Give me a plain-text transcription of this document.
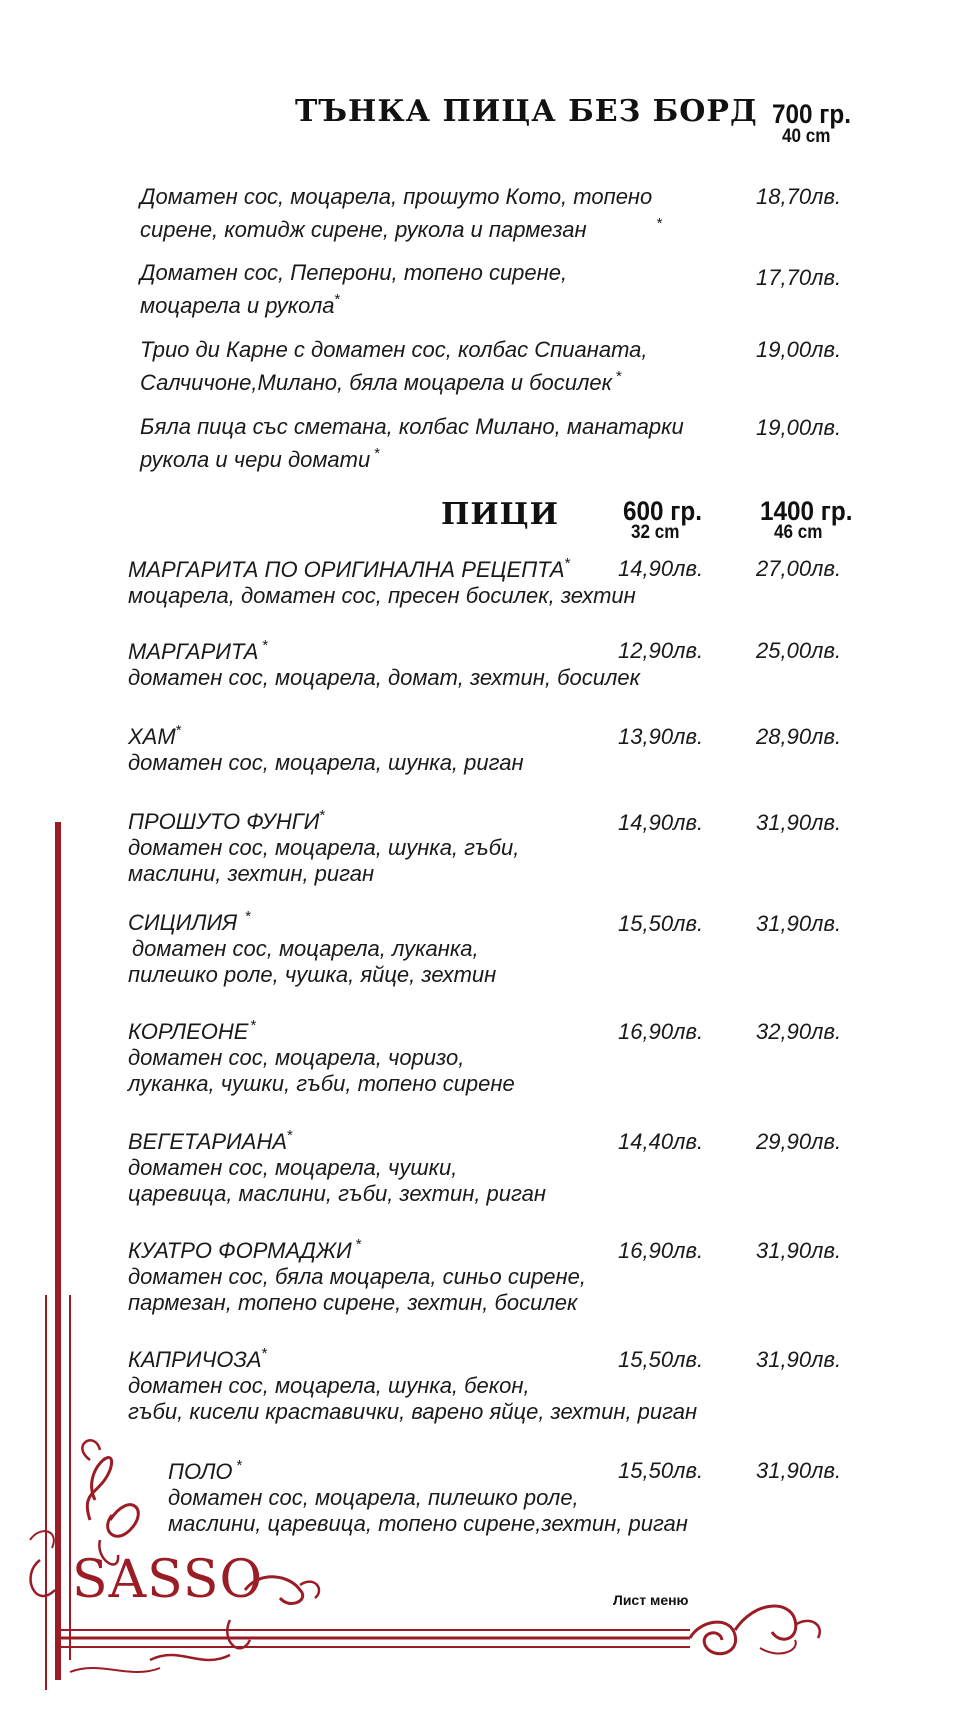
ТЪНКА ПИЦА БЕЗ БОРД 700 гр.
40 cm
Доматен сос, моцарела, прошуто Кото, топено
сирене, котидж сирене, рукола и пармезан	*
18,70лв.
Доматен сос, Пеперони, топено сирене,
моцарела и рукола*
17,70лв.
Трио ди Карне с доматен сос, колбас Спианата,
Салчичоне,Милано, бяла моцарела и босилек *
19,00лв.
Бяла пица със сметана, колбас Милано, манатарки
рукола и чери домати *
19,00лв.
ПИЦИ 600 гр.
32 cm
1400 гр.
46 cm
МАРГАРИТА ПО ОРИГИНАЛНА РЕЦЕПТА*
моцарела, доматен сос, пресен босилек, зехтин
14,90лв. 27,00лв.
МАРГАРИТА *
доматен сос, моцарела, домат, зехтин, босилек
12,90лв. 25,00лв.
ХАМ*
доматен сос, моцарела, шунка, риган
13,90лв. 28,90лв.
ПРОШУТО ФУНГИ*
доматен сос, моцарела, шунка, гъби,
маслини, зехтин, риган
14,90лв. 31,90лв.
СИЦИЛИЯ *
доматен сос, моцарела, луканка,
пилешко роле, чушка, яйце, зехтин
15,50лв. 31,90лв.
КОРЛЕОНЕ *
доматен сос, моцарела, чоризо,
луканка, чушки, гъби, топено сирене
16,90лв. 32,90лв.
ВЕГЕТАРИАНА*
доматен сос, моцарела, чушки,
царевица, маслини, гъби, зехтин, риган
14,40лв. 29,90лв.
КУАТРО ФОРМАДЖИ *
доматен сос, бяла моцарела, синьо сирене,
пармезан, топено сирене, зехтин, босилек
16,90лв. 31,90лв.
КАПРИЧОЗА*
доматен сос, моцарела, шунка, бекон,
гъби, кисели краставички, варено яйце, зехтин, риган
15,50лв. 31,90лв.
ПОЛО *
доматен сос, моцарела, пилешко роле,
маслини, царевица, топено сирене,зехтин, риган
15,50лв. 31,90лв.
SASSO	Лист меню
